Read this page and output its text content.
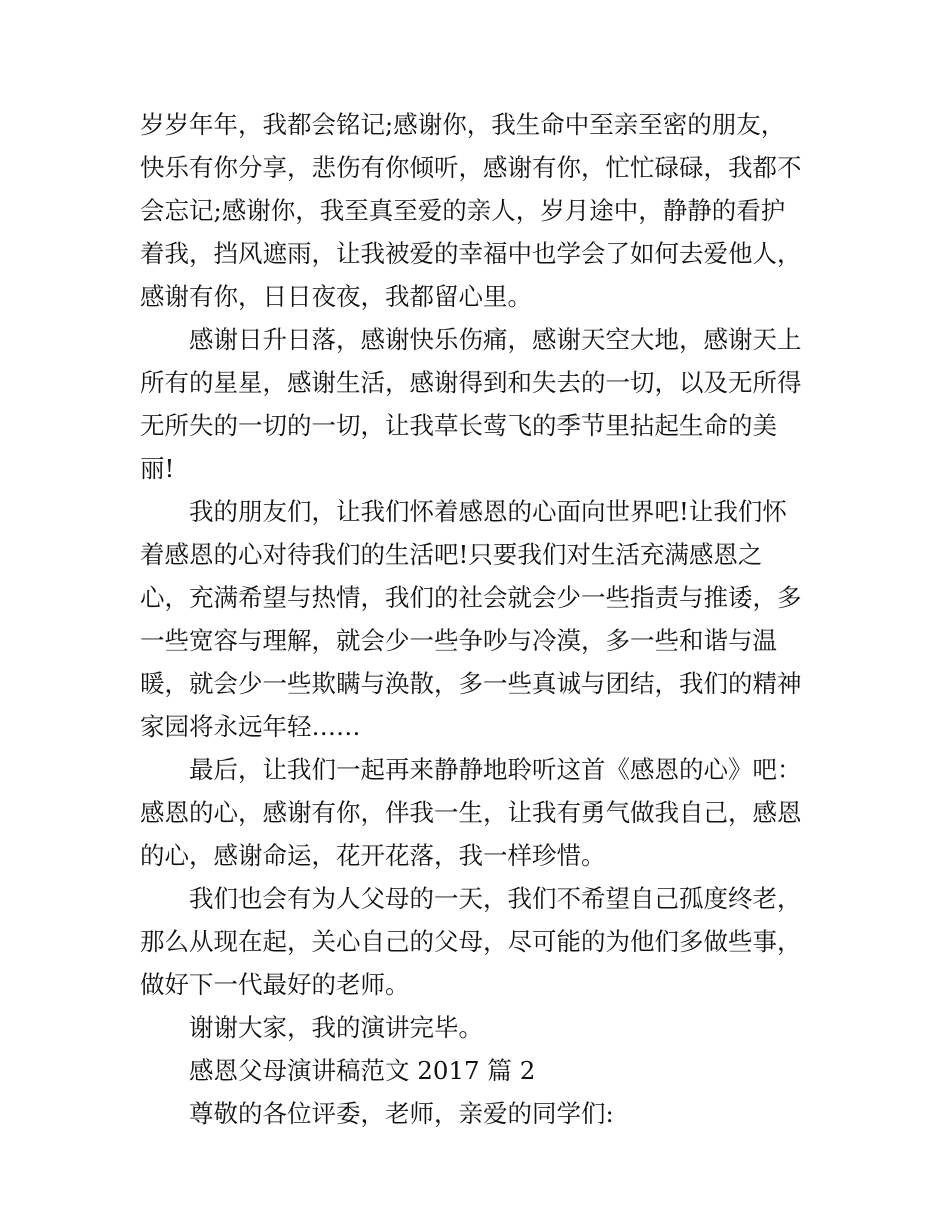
岁岁年年，我都会铭记;感谢你，我生命中至亲至密的朋友，
快乐有你分享，悲伤有你倾听，感谢有你，忙忙碌碌，我都不
会忘记;感谢你，我至真至爱的亲人，岁月途中，静静的看护
着我，挡风遮雨，让我被爱的幸福中也学会了如何去爱他人，
感谢有你，日日夜夜，我都留心里。

感谢日升日落，感谢快乐伤痛，感谢天空大地，感谢天上
所有的星星，感谢生活，感谢得到和失去的一切，以及无所得
无所失的一切的一切，让我草长莺飞的季节里拈起生命的美
丽!

我的朋友们，让我们怀着感恩的心面向世界吧!让我们怀
着感恩的心对待我们的生活吧!只要我们对生活充满感恩之
心，充满希望与热情，我们的社会就会少一些指责与推诿，多
一些宽容与理解，就会少一些争吵与冷漠，多一些和谐与温
暖，就会少一些欺瞒与涣散，多一些真诚与团结，我们的精神
家园将永远年轻……

最后，让我们一起再来静静地聆听这首《感恩的心》吧：
感恩的心，感谢有你，伴我一生，让我有勇气做我自己，感恩
的心，感谢命运，花开花落，我一样珍惜。

我们也会有为人父母的一天，我们不希望自己孤度终老，
那么从现在起，关心自己的父母，尽可能的为他们多做些事，
做好下一代最好的老师。

谢谢大家，我的演讲完毕。

感恩父母演讲稿范文 2017 篇 2

尊敬的各位评委，老师，亲爱的同学们:
